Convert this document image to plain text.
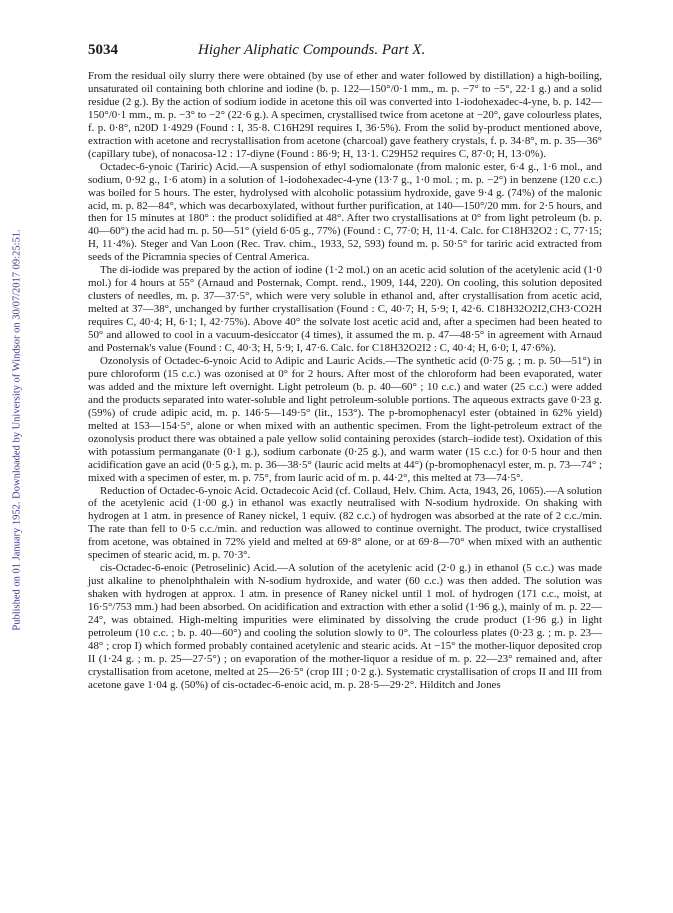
Published on 01 January 1952. Downloaded by University of Windsor on 30/07/2017 09:25:51.
5034	Higher Aliphatic Compounds. Part X.

From the residual oily slurry there were obtained (by use of ether and water followed by distillation) a high-boiling, unsaturated oil containing both chlorine and iodine (b. p. 122—150°/0·1 mm., m. p. −7° to −5°, 22·1 g.) and a solid residue (2 g.). By the action of sodium iodide in acetone this oil was converted into 1-iodohexadec-4-yne, b. p. 142—150°/0·1 mm., m. p. −3° to −2° (22·6 g.). A specimen, crystallised twice from acetone at −20°, gave colourless plates, f. p. 0·8°, n20D 1·4929 (Found : I, 35·8. C16H29I requires I, 36·5%). From the solid by-product mentioned above, extraction with acetone and recrystallisation from acetone (charcoal) gave feathery crystals, f. p. 34·8°, m. p. 35—36° (capillary tube), of nonacosa-12 : 17-diyne (Found : 86·9; H, 13·1. C29H52 requires C, 87·0; H, 13·0%).

Octadec-6-ynoic (Tariric) Acid.—A suspension of ethyl sodiomalonate (from malonic ester, 6·4 g., 1·6 mol., and sodium, 0·92 g., 1·6 atom) in a solution of 1-iodohexadec-4-yne (13·7 g., 1·0 mol. ; m. p. −2°) in benzene (120 c.c.) was boiled for 5 hours. The ester, hydrolysed with alcoholic potassium hydroxide, gave 9·4 g. (74%) of the malonic acid, m. p. 82—84°, which was decarboxylated, without further purification, at 140—150°/20 mm. for 2·5 hours, and then for 15 minutes at 180° : the product solidified at 48°. After two crystallisations at 0° from light petroleum (b. p. 40—60°) the acid had m. p. 50—51° (yield 6·05 g., 77%) (Found : C, 77·0; H, 11·4. Calc. for C18H32O2 : C, 77·15; H, 11·4%). Steger and Van Loon (Rec. Trav. chim., 1933, 52, 593) found m. p. 50·5° for tariric acid extracted from seeds of the Picramnia species of Central America.

The di-iodide was prepared by the action of iodine (1·2 mol.) on an acetic acid solution of the acetylenic acid (1·0 mol.) for 4 hours at 55° (Arnaud and Posternak, Compt. rend., 1909, 144, 220). On cooling, this solution deposited clusters of needles, m. p. 37—37·5°, which were very soluble in ethanol and, after crystallisation from acetic acid, melted at 37—38°, unchanged by further crystallisation (Found : C, 40·7; H, 5·9; I, 42·6. C18H32O2I2,CH3·CO2H requires C, 40·4; H, 6·1; I, 42·75%). Above 40° the solvate lost acetic acid and, after a specimen had been heated to 50° and allowed to cool in a vacuum-desiccator (4 times), it assumed the m. p. 47—48·5° in agreement with Arnaud and Posternak's value (Found : C, 40·3; H, 5·9; I, 47·6. Calc. for C18H32O2I2 : C, 40·4; H, 6·0; I, 47·6%).

Ozonolysis of Octadec-6-ynoic Acid to Adipic and Lauric Acids.—The synthetic acid (0·75 g. ; m. p. 50—51°) in pure chloroform (15 c.c.) was ozonised at 0° for 2 hours. After most of the chloroform had been evaporated, water was added and the mixture left overnight. Light petroleum (b. p. 40—60° ; 10 c.c.) and water (25 c.c.) were added and the products separated into water-soluble and light petroleum-soluble portions. The aqueous extracts gave 0·23 g. (59%) of crude adipic acid, m. p. 146·5—149·5° (lit., 153°). The p-bromophenacyl ester (obtained in 62% yield) melted at 153—154·5°, alone or when mixed with an authentic specimen. From the light-petroleum extract of the ozonolysis product there was obtained a pale yellow solid containing peroxides (starch–iodide test). Oxidation of this with potassium permanganate (0·1 g.), sodium carbonate (0·25 g.), and warm water (15 c.c.) for 0·5 hour and then acidification gave an acid (0·5 g.), m. p. 36—38·5° (lauric acid melts at 44°) (p-bromophenacyl ester, m. p. 73—74° ; mixed with a specimen of ester, m. p. 75°, from lauric acid of m. p. 44·2°, this melted at 73—74·5°.

Reduction of Octadec-6-ynoic Acid. Octadecoic Acid (cf. Collaud, Helv. Chim. Acta, 1943, 26, 1065).—A solution of the acetylenic acid (1·00 g.) in ethanol was exactly neutralised with N-sodium hydroxide. On shaking with hydrogen at 1 atm. in presence of Raney nickel, 1 equiv. (82 c.c.) of hydrogen was absorbed at the rate of 2 c.c./min. The rate than fell to 0·5 c.c./min. and reduction was allowed to continue overnight. The product, twice crystallised from acetone, was obtained in 72% yield and melted at 69·8° alone, or at 69·8—70° when mixed with an authentic specimen of stearic acid, m. p. 70·3°.

cis-Octadec-6-enoic (Petroselinic) Acid.—A solution of the acetylenic acid (2·0 g.) in ethanol (5 c.c.) was made just alkaline to phenolphthalein with N-sodium hydroxide, and water (60 c.c.) was then added. The solution was shaken with hydrogen at approx. 1 atm. in presence of Raney nickel until 1 mol. of hydrogen (171 c.c., moist, at 16·5°/753 mm.) had been absorbed. On acidification and extraction with ether a solid (1·96 g.), mainly of m. p. 22—24°, was obtained. High-melting impurities were eliminated by dissolving the crude product (1·96 g.) in light petroleum (10 c.c. ; b. p. 40—60°) and cooling the solution slowly to 0°. The colourless plates (0·23 g. ; m. p. 23—48° ; crop I) which formed probably contained acetylenic and stearic acids. At −15° the mother-liquor deposited crop II (1·24 g. ; m. p. 25—27·5°) ; on evaporation of the mother-liquor a residue of m. p. 22—23° remained and, after crystallisation from acetone, melted at 25—26·5° (crop III ; 0·2 g.). Systematic crystallisation of crops II and III from acetone gave 1·04 g. (50%) of cis-octadec-6-enoic acid, m. p. 28·5—29·2°. Hilditch and Jones
